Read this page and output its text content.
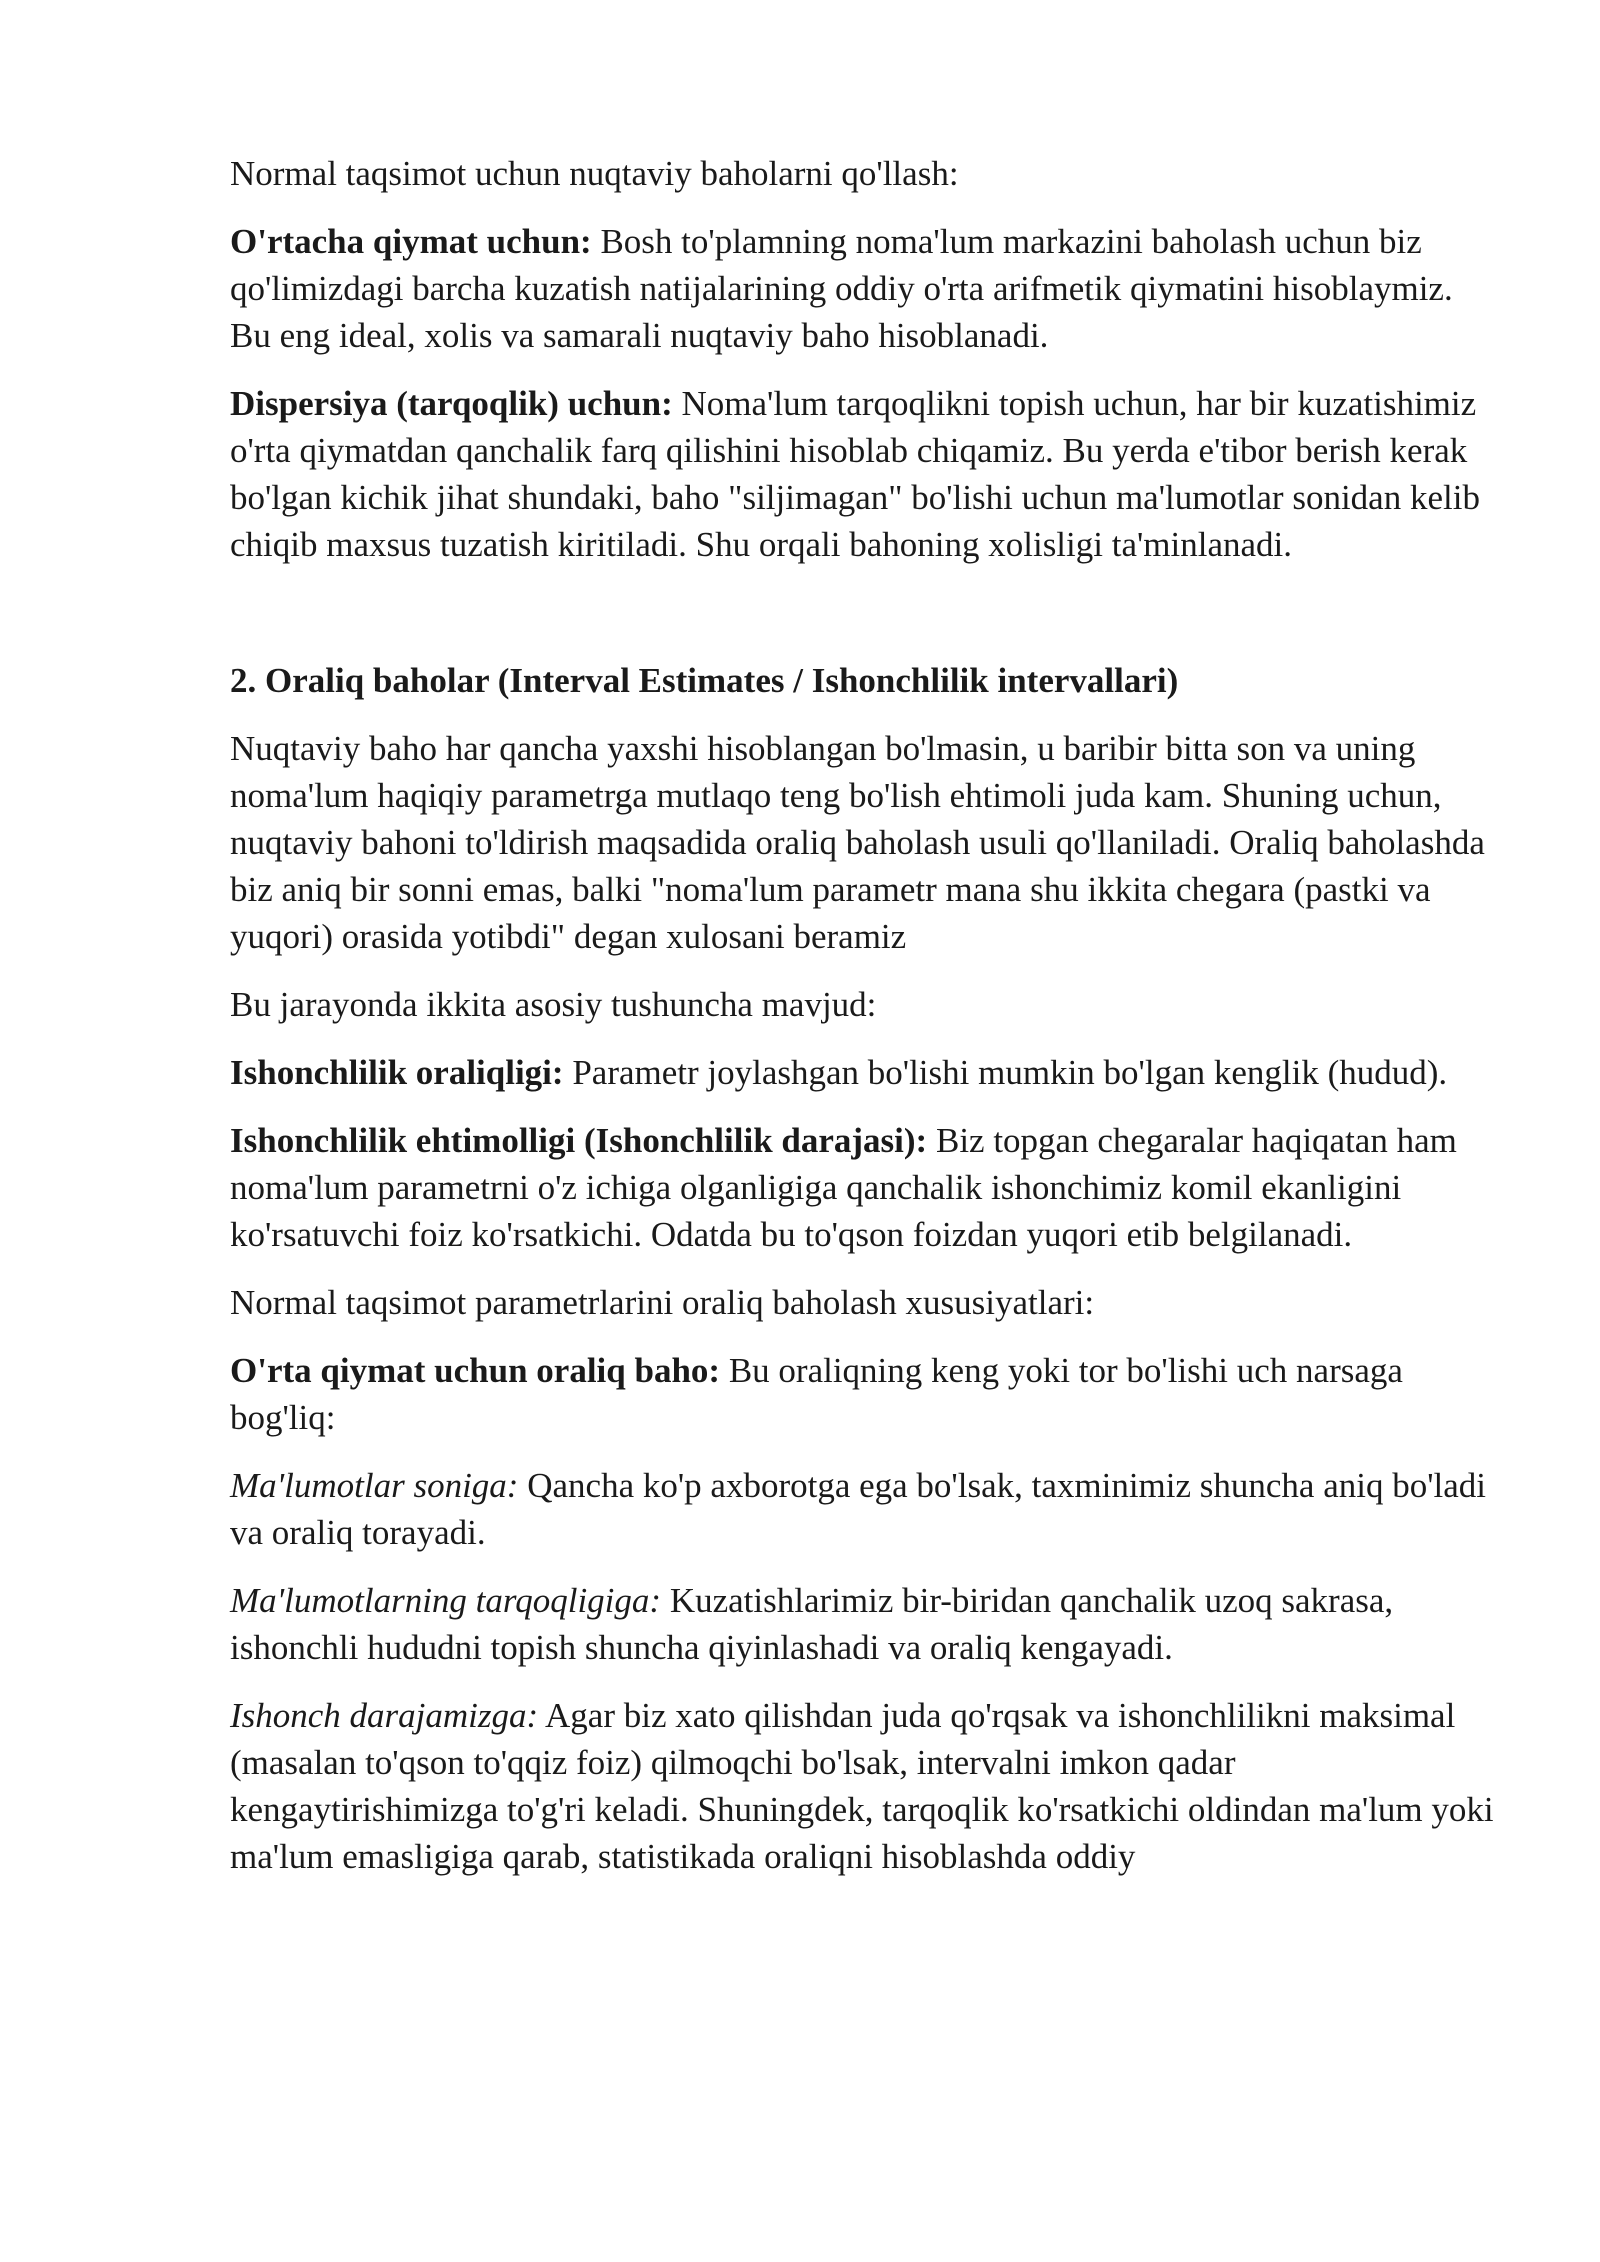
Normal taqsimot uchun nuqtaviy baholarni qo'llash:

O'rtacha qiymat uchun: Bosh to'plamning noma'lum markazini baholash uchun biz qo'limizdagi barcha kuzatish natijalarining oddiy o'rta arifmetik qiymatini hisoblaymiz. Bu eng ideal, xolis va samarali nuqtaviy baho hisoblanadi.

Dispersiya (tarqoqlik) uchun: Noma'lum tarqoqlikni topish uchun, har bir kuzatishimiz o'rta qiymatdan qanchalik farq qilishini hisoblab chiqamiz. Bu yerda e'tibor berish kerak bo'lgan kichik jihat shundaki, baho "siljimagan" bo'lishi uchun ma'lumotlar sonidan kelib chiqib maxsus tuzatish kiritiladi. Shu orqali bahoning xolisligi ta'minlanadi.

2. Oraliq baholar (Interval Estimates / Ishonchlilik intervallari)

Nuqtaviy baho har qancha yaxshi hisoblangan bo'lmasin, u baribir bitta son va uning noma'lum haqiqiy parametrga mutlaqo teng bo'lish ehtimoli juda kam. Shuning uchun, nuqtaviy bahoni to'ldirish maqsadida oraliq baholash usuli qo'llaniladi. Oraliq baholashda biz aniq bir sonni emas, balki "noma'lum parametr mana shu ikkita chegara (pastki va yuqori) orasida yotibdi" degan xulosani beramiz

Bu jarayonda ikkita asosiy tushuncha mavjud:

Ishonchlilik oraliqligi: Parametr joylashgan bo'lishi mumkin bo'lgan kenglik (hudud).

Ishonchlilik ehtimolligi (Ishonchlilik darajasi): Biz topgan chegaralar haqiqatan ham noma'lum parametrni o'z ichiga olganligiga qanchalik ishonchimiz komil ekanligini ko'rsatuvchi foiz ko'rsatkichi. Odatda bu to'qson foizdan yuqori etib belgilanadi.

Normal taqsimot parametrlarini oraliq baholash xususiyatlari:

O'rta qiymat uchun oraliq baho: Bu oraliqning keng yoki tor bo'lishi uch narsaga bog'liq:

Ma'lumotlar soniga: Qancha ko'p axborotga ega bo'lsak, taxminimiz shuncha aniq bo'ladi va oraliq torayadi.

Ma'lumotlarning tarqoqligiga: Kuzatishlarimiz bir-biridan qanchalik uzoq sakrasa, ishonchli hududni topish shuncha qiyinlashadi va oraliq kengayadi.

Ishonch darajamizga: Agar biz xato qilishdan juda qo'rqsak va ishonchlilikni maksimal (masalan to'qson to'qqiz foiz) qilmoqchi bo'lsak, intervalni imkon qadar kengaytirishimizga to'g'ri keladi. Shuningdek, tarqoqlik ko'rsatkichi oldindan ma'lum yoki ma'lum emasligiga qarab, statistikada oraliqni hisoblashda oddiy
